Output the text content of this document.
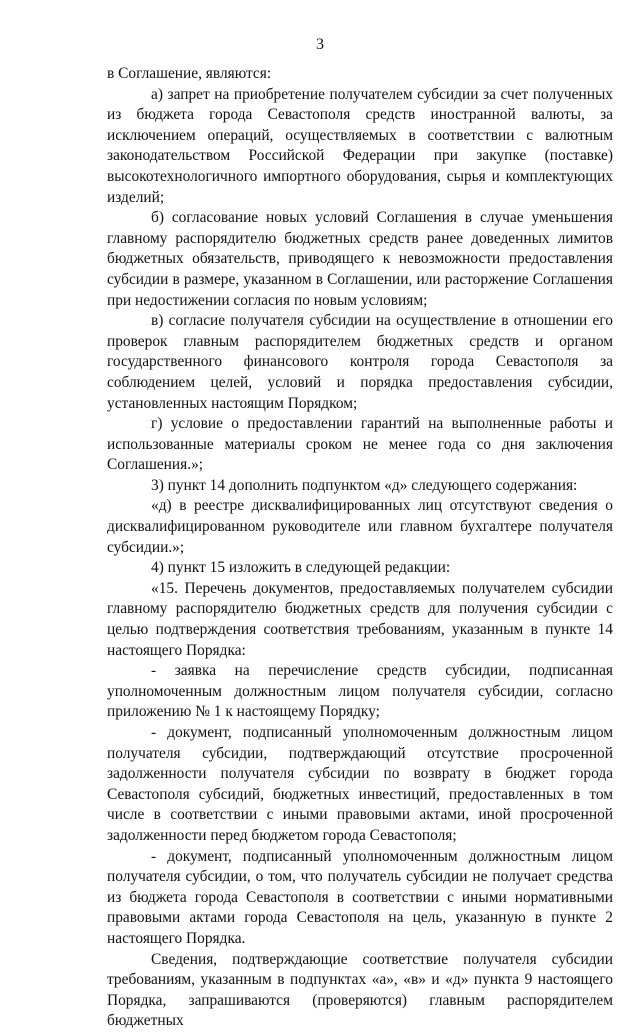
3

в Соглашение, являются:

а) запрет на приобретение получателем субсидии за счет полученных из бюджета города Севастополя средств иностранной валюты, за исключением операций, осуществляемых в соответствии с валютным законодательством Российской Федерации при закупке (поставке) высокотехнологичного импортного оборудования, сырья и комплектующих изделий;

б) согласование новых условий Соглашения в случае уменьшения главному распорядителю бюджетных средств ранее доведенных лимитов бюджетных обязательств, приводящего к невозможности предоставления субсидии в размере, указанном в Соглашении, или расторжение Соглашения при недостижении согласия по новым условиям;

в) согласие получателя субсидии на осуществление в отношении его проверок главным распорядителем бюджетных средств и органом государственного финансового контроля города Севастополя за соблюдением целей, условий и порядка предоставления субсидии, установленных настоящим Порядком;

г) условие о предоставлении гарантий на выполненные работы и использованные материалы сроком не менее года со дня заключения Соглашения.»;

3) пункт 14 дополнить подпунктом «д» следующего содержания:

«д) в реестре дисквалифицированных лиц отсутствуют сведения о дисквалифицированном руководителе или главном бухгалтере получателя субсидии.»;

4) пункт 15 изложить в следующей редакции:

«15. Перечень документов, предоставляемых получателем субсидии главному распорядителю бюджетных средств для получения субсидии с целью подтверждения соответствия требованиям, указанным в пункте 14 настоящего Порядка:

- заявка на перечисление средств субсидии, подписанная уполномоченным должностным лицом получателя субсидии, согласно приложению № 1 к настоящему Порядку;

- документ, подписанный уполномоченным должностным лицом получателя субсидии, подтверждающий отсутствие просроченной задолженности получателя субсидии по возврату в бюджет города Севастополя субсидий, бюджетных инвестиций, предоставленных в том числе в соответствии с иными правовыми актами, иной просроченной задолженности перед бюджетом города Севастополя;

- документ, подписанный уполномоченным должностным лицом получателя субсидии, о том, что получатель субсидии не получает средства из бюджета города Севастополя в соответствии с иными нормативными правовыми актами города Севастополя на цель, указанную в пункте 2 настоящего Порядка.

Сведения, подтверждающие соответствие получателя субсидии требованиям, указанным в подпунктах «а», «в» и «д» пункта 9 настоящего Порядка, запрашиваются (проверяются) главным распорядителем бюджетных
